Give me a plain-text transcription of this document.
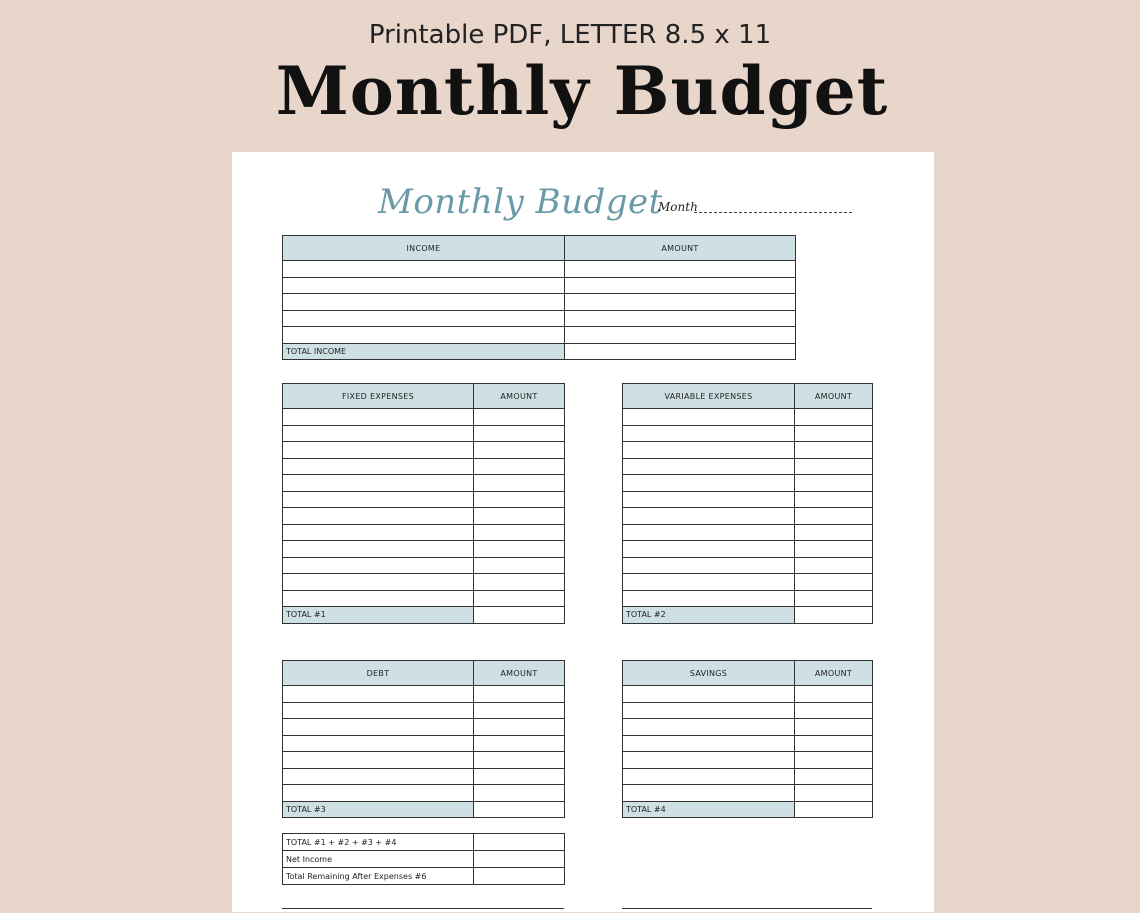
Printable PDF, LETTER 8.5 x 11
Monthly Budget
Monthly Budget
Month
INCOME	AMOUNT

TOTAL INCOME	
FIXED EXPENSES	AMOUNT

TOTAL #1	
VARIABLE EXPENSES	AMOUNT

TOTAL #2	
DEBT	AMOUNT

TOTAL #3	
SAVINGS	AMOUNT

TOTAL #4	
TOTAL #1 + #2 + #3 + #4	
Net Income	
Total Remaining After Expenses #6	
